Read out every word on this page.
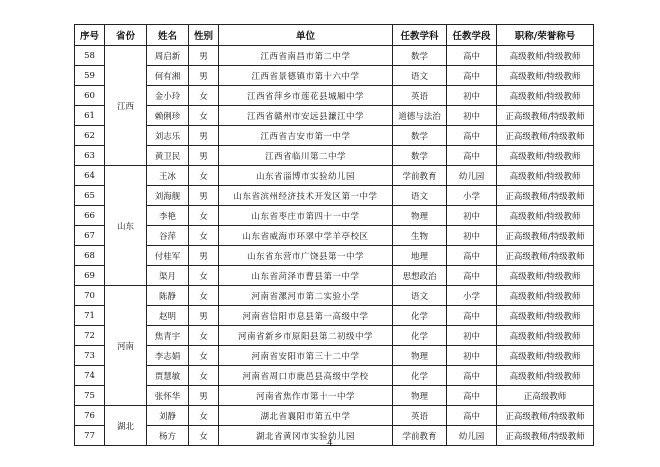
序号	省份	姓名	性别	单位	任教学科	任教学段	职称/荣誉称号
58	江西	周启新	男	江西省南昌市第二中学	数学	高中	高级教师/特级教师
59		何有湘	男	江西省景德镇市第十六中学	语文	高中	高级教师/特级教师
60		金小玲	女	江西省萍乡市莲花县城厢中学	英语	初中	高级教师/特级教师
61		赖俐珍	女	江西省赣州市安远县濂江中学	道德与法治	初中	正高级教师/特级教师
62		刘志乐	男	江西省吉安市第一中学	数学	高中	正高级教师/特级教师
63		黄卫民	男	江西省临川第二中学	数学	高中	高级教师/特级教师
64	山东	王冰	女	山东省淄博市实验幼儿园	学前教育	幼儿园	高级教师/特级教师
65		刘海舰	男	山东省滨州经济技术开发区第一中学	语文	小学	正高级教师/特级教师
66		李艳	女	山东省枣庄市第四十一中学	物理	初中	高级教师/特级教师
67		谷萍	女	山东省威海市环翠中学羊亭校区	生物	初中	正高级教师/特级教师
68		付桂军	男	山东省东营市广饶县第一中学	地理	高中	正高级教师/特级教师
69		渠月	女	山东省菏泽市曹县第一中学	思想政治	高中	高级教师/特级教师
70	河南	陈静	女	河南省漯河市第二实验小学	语文	小学	高级教师/特级教师
71		赵明	男	河南省信阳市息县第一高级中学	化学	高中	高级教师/特级教师
72		焦青宇	女	河南省新乡市原阳县第二初级中学	化学	初中	高级教师/特级教师
73		李志娟	女	河南省安阳市第三十二中学	物理	初中	高级教师/特级教师
74		贾慧敏	女	河南省周口市鹿邑县高级中学校	化学	高中	高级教师/特级教师
75		张怀华	男	河南省焦作市第十一中学	物理	高中	正高级教师
76	湖北	刘静	女	湖北省襄阳市第五中学	英语	高中	正高级教师/特级教师
77		杨方	女	湖北省黄冈市实验幼儿园	学前教育	幼儿园	正高级教师/特级教师
4
